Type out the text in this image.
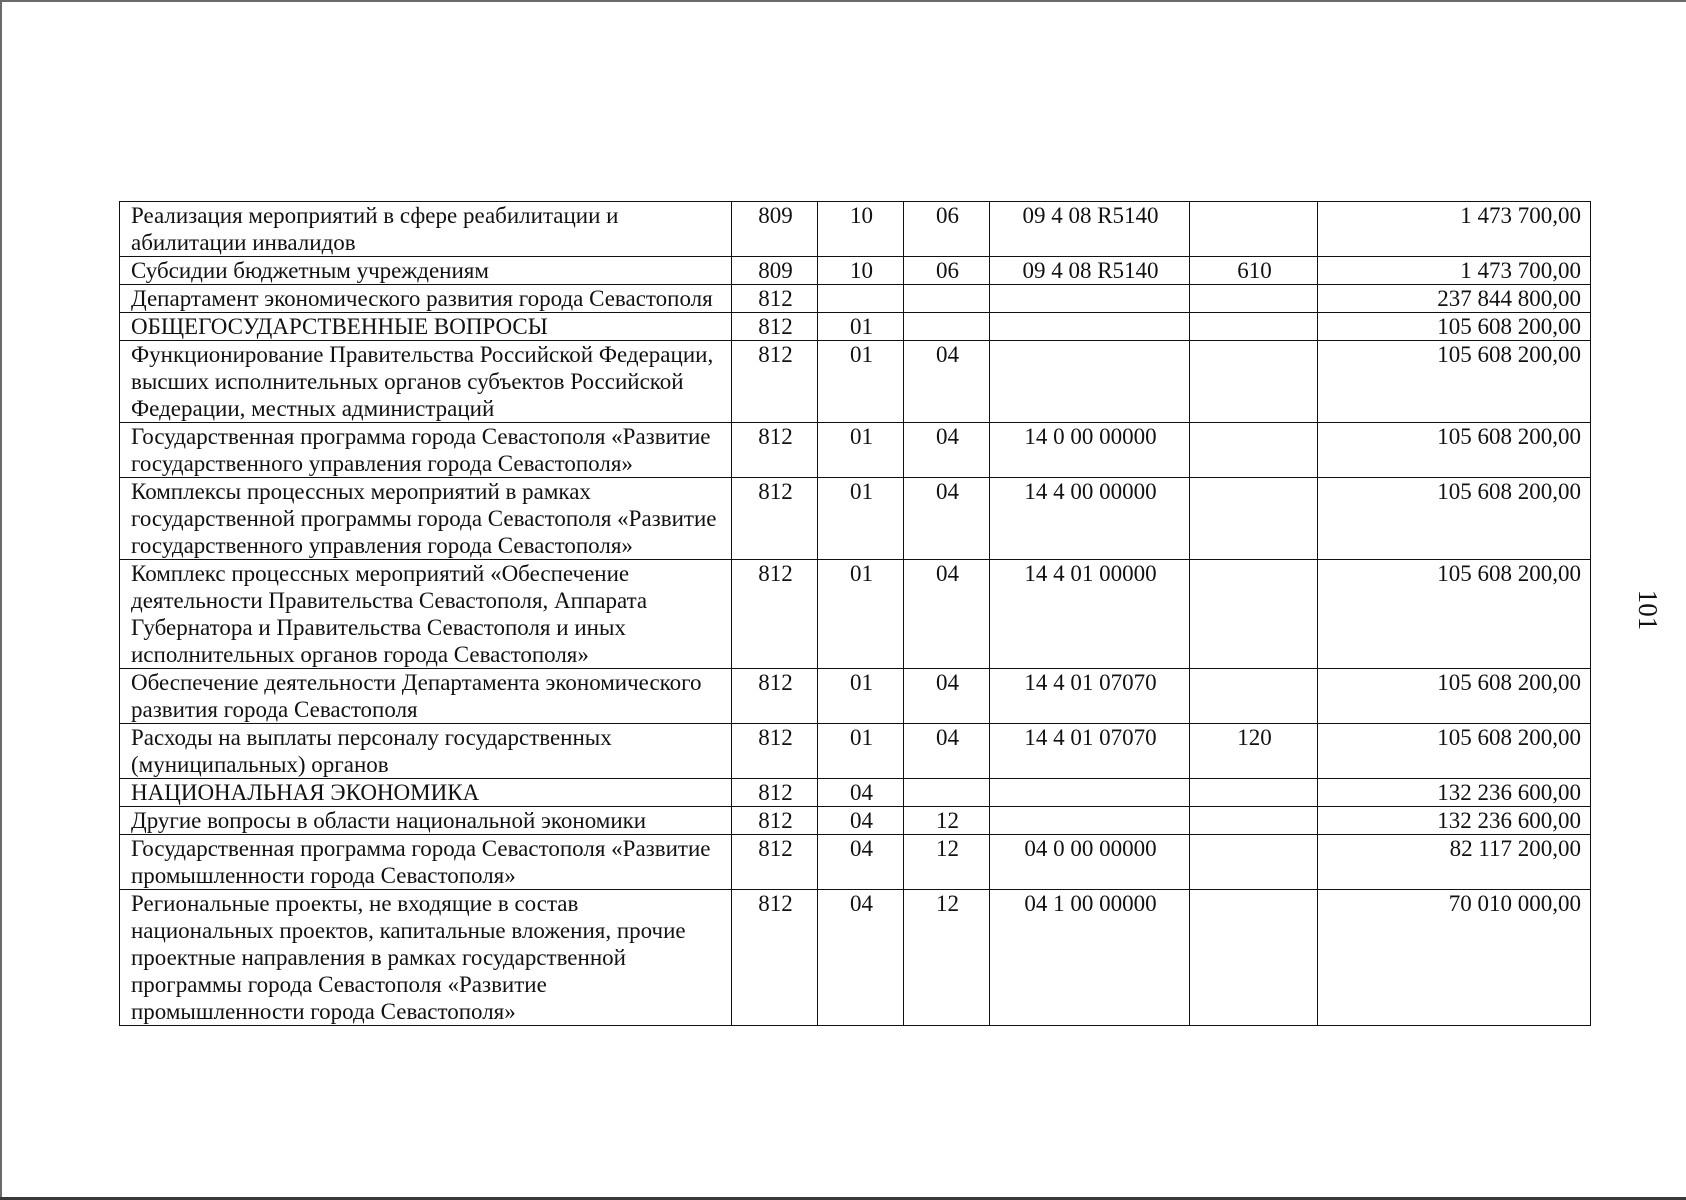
101
Реализация мероприятий в сфере реабилитации и абилитации инвалидов	809	10	06	09 4 08 R5140		1 473 700,00
Субсидии бюджетным учреждениям	809	10	06	09 4 08 R5140	610	1 473 700,00
Департамент экономического развития города Севастополя	812					237 844 800,00
ОБЩЕГОСУДАРСТВЕННЫЕ ВОПРОСЫ	812	01				105 608 200,00
Функционирование Правительства Российской Федерации, высших исполнительных органов субъектов Российской Федерации, местных администраций	812	01	04			105 608 200,00
Государственная программа города Севастополя «Развитие государственного управления города Севастополя»	812	01	04	14 0 00 00000		105 608 200,00
Комплексы процессных мероприятий в рамках государственной программы города Севастополя «Развитие государственного управления города Севастополя»	812	01	04	14 4 00 00000		105 608 200,00
Комплекс процессных мероприятий «Обеспечение деятельности Правительства Севастополя, Аппарата Губернатора и Правительства Севастополя и иных исполнительных органов города Севастополя»	812	01	04	14 4 01 00000		105 608 200,00
Обеспечение деятельности Департамента экономического развития города Севастополя	812	01	04	14 4 01 07070		105 608 200,00
Расходы на выплаты персоналу государственных (муниципальных) органов	812	01	04	14 4 01 07070	120	105 608 200,00
НАЦИОНАЛЬНАЯ ЭКОНОМИКА	812	04				132 236 600,00
Другие вопросы в области национальной экономики	812	04	12			132 236 600,00
Государственная программа города Севастополя «Развитие промышленности города Севастополя»	812	04	12	04 0 00 00000		82 117 200,00
Региональные проекты, не входящие в состав национальных проектов, капитальные вложения, прочие проектные направления в рамках государственной программы города Севастополя «Развитие промышленности города Севастополя»	812	04	12	04 1 00 00000		70 010 000,00
